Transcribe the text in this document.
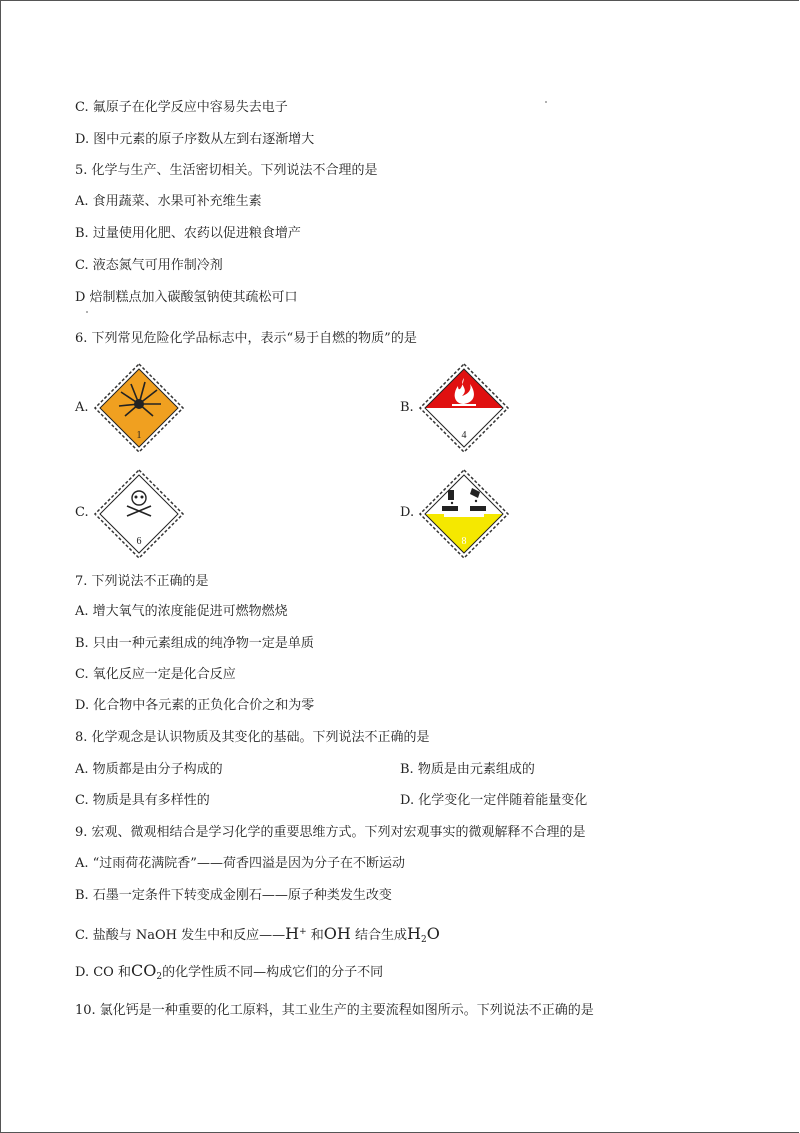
C. 氟原子在化学反应中容易失去电子
D. 图中元素的原子序数从左到右逐渐增大
5. 化学与生产、生活密切相关。下列说法不合理的是
A. 食用蔬菜、水果可补充维生素
B. 过量使用化肥、农药以促进粮食增产
C. 液态氮气可用作制冷剂
D 焙制糕点加入碳酸氢钠使其疏松可口
6. 下列常见危险化学品标志中，表示“易于自燃的物质”的是
A.
1
B.
4
C.
6
D.
8
7. 下列说法不正确的是
A. 增大氧气的浓度能促进可燃物燃烧
B. 只由一种元素组成的纯净物一定是单质
C. 氧化反应一定是化合反应
D. 化合物中各元素的正负化合价之和为零
8. 化学观念是认识物质及其变化的基础。下列说法不正确的是
A. 物质都是由分子构成的	B. 物质是由元素组成的
C. 物质是具有多样性的	D. 化学变化一定伴随着能量变化
9. 宏观、微观相结合是学习化学的重要思维方式。下列对宏观事实的微观解释不合理的是
A. “过雨荷花满院香”——荷香四溢是因为分子在不断运动
B. 石墨一定条件下转变成金刚石——原子种类发生改变
C. 盐酸与 NaOH 发生中和反应——H+ 和OH 结合生成$H_2O$
D. CO 和$CO_2$的化学性质不同—构成它们的分子不同
10. 氯化钙是一种重要的化工原料，其工业生产的主要流程如图所示。下列说法不正确的是
